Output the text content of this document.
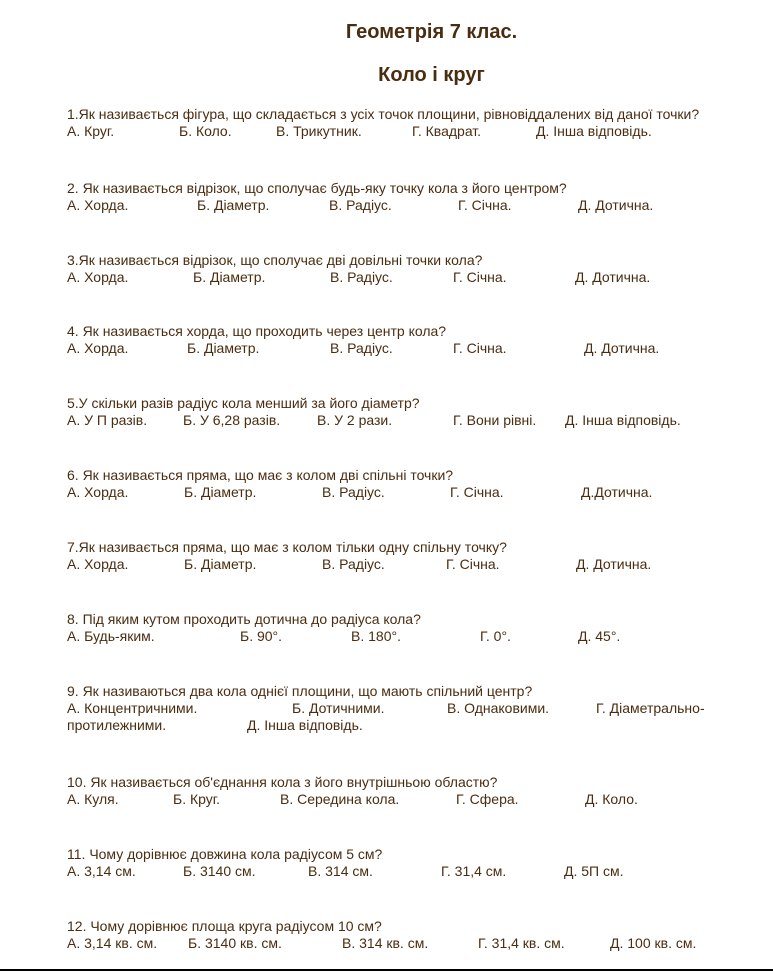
Геометрія 7 клас.
Коло і круг
1.Як називається фігура, що складається з усіх точок площини, рівновіддалених від даної точки?
А. Круг.	Б. Коло.	В. Трикутник.	Г. Квадрат.	Д. Інша відповідь.
2. Як називається відрізок, що сполучає будь-яку точку кола з його центром?
А. Хорда.	Б. Діаметр.	В. Радіус.	Г. Січна.	Д. Дотична.
3.Як називається відрізок, що сполучає дві довільні точки кола?
А. Хорда.	Б. Діаметр.	В. Радіус.	Г. Січна.	Д. Дотична.
4. Як називається хорда, що проходить через центр кола?
А. Хорда.	Б. Діаметр.	В. Радіус.	Г. Січна.	Д. Дотична.
5.У скільки разів радіус кола менший за його діаметр?
А. У П разів.	Б. У 6,28 разів.	В. У 2 рази.	Г. Вони рівні. Д. Інша відповідь.
6. Як називається пряма, що має з колом дві спільні точки?
А. Хорда.	Б. Діаметр.	В. Радіус.	Г. Січна.	Д.Дотична.
7.Як називається пряма, що має з колом тільки одну спільну точку?
А. Хорда.	Б. Діаметр.	В. Радіус.	Г. Січна.	Д. Дотична.
8. Під яким кутом проходить дотична до радіуса кола?
А. Будь-яким.	Б. 90°.	В. 180°.	Г. 0°.	Д. 45°.
9. Як називаються два кола однієї площини, що мають спільний центр?
А. Концентричними.	Б. Дотичними.	В. Однаковими.	Г. Діаметрально-
протилежними.	Д. Інша відповідь.
10. Як називається об'єднання кола з його внутрішньою областю?
А. Куля.	Б. Круг.	В. Середина кола.	Г. Сфера.	Д. Коло.
11. Чому дорівнює довжина кола радіусом 5 см?
А. 3,14 см.	Б. 3140 см.	В. 314 см.	Г. 31,4 см.	Д. 5П см.
12. Чому дорівнює площа круга радіусом 10 см?
А. 3,14 кв. см. Б. 3140 кв. см.	В. 314 кв. см.	Г. 31,4 кв. см.	Д. 100 кв. см.
